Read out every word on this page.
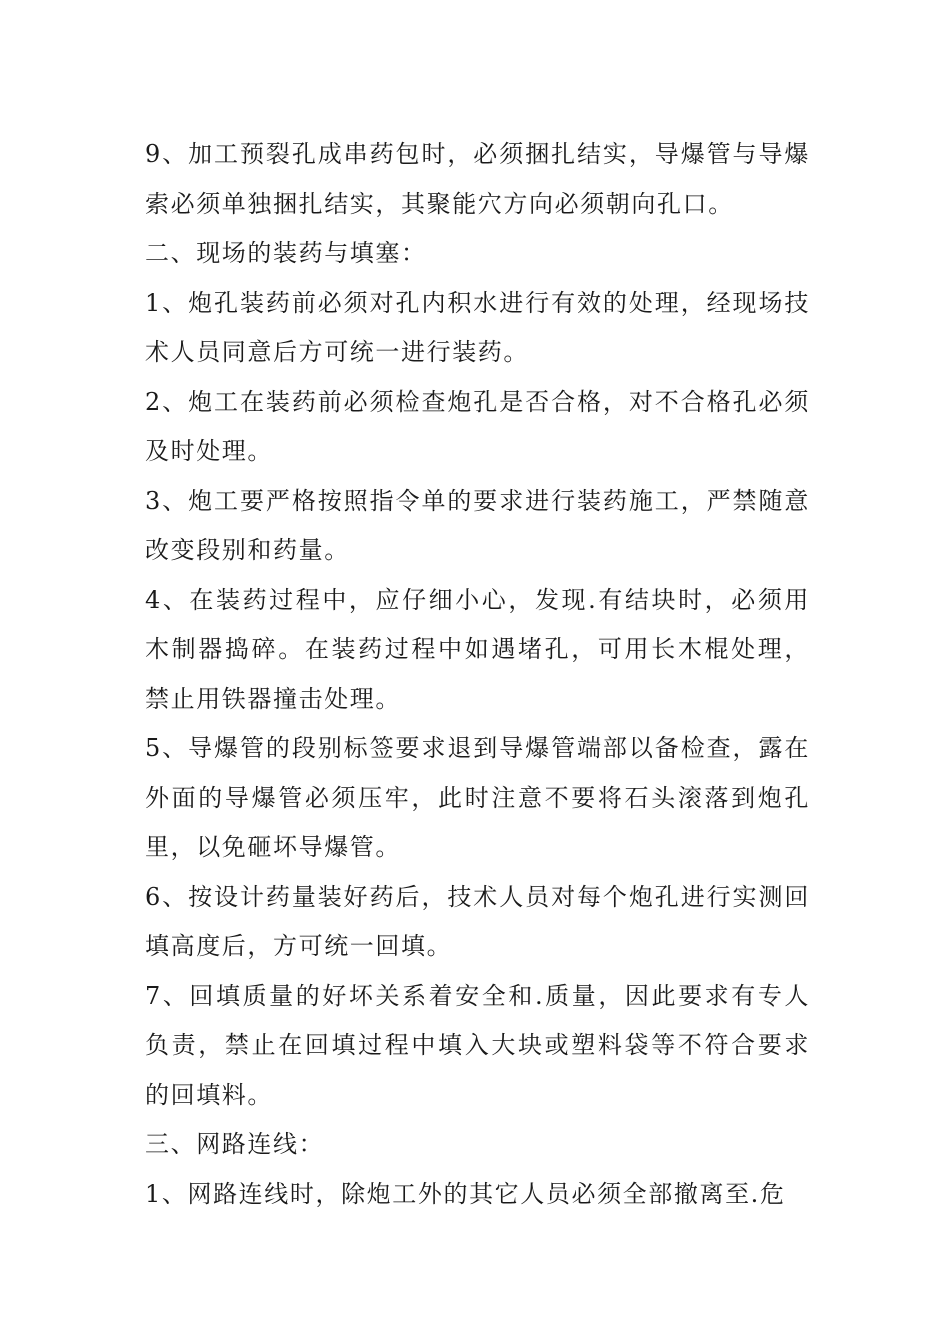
9、加工预裂孔成串药包时，必须捆扎结实，导爆管与导爆索必须单独捆扎结实，其聚能穴方向必须朝向孔口。

二、现场的装药与填塞：

1、炮孔装药前必须对孔内积水进行有效的处理，经现场技术人员同意后方可统一进行装药。

2、炮工在装药前必须检查炮孔是否合格，对不合格孔必须及时处理。

3、炮工要严格按照指令单的要求进行装药施工，严禁随意改变段别和药量。

4、在装药过程中，应仔细小心，发现.有结块时，必须用木制器捣碎。在装药过程中如遇堵孔，可用长木棍处理，禁止用铁器撞击处理。

5、导爆管的段别标签要求退到导爆管端部以备检查，露在外面的导爆管必须压牢，此时注意不要将石头滚落到炮孔里，以免砸坏导爆管。

6、按设计药量装好药后，技术人员对每个炮孔进行实测回填高度后，方可统一回填。

7、回填质量的好坏关系着安全和.质量，因此要求有专人负责，禁止在回填过程中填入大块或塑料袋等不符合要求的回填料。

三、网路连线：

1、网路连线时，除炮工外的其它人员必须全部撤离至.危
